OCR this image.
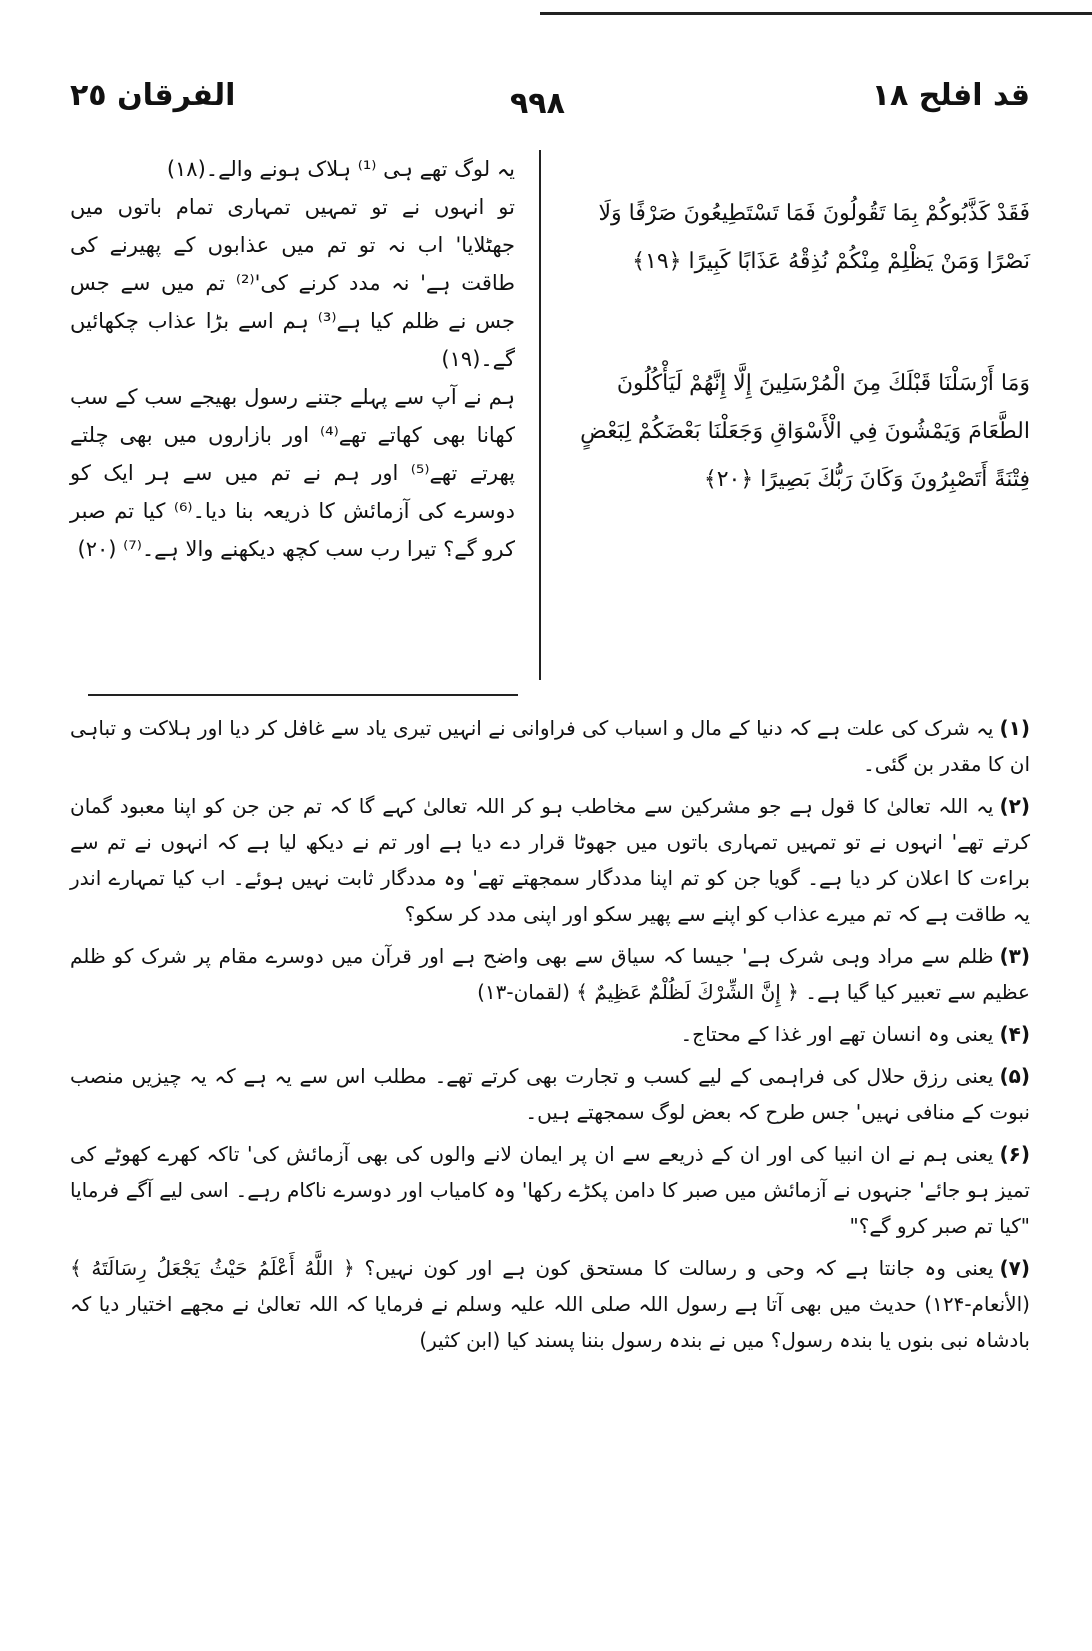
قد افلح ١٨
٩٩٨
الفرقان ٢٥

یہ لوگ تھے ہی ⁽¹⁾ ہلاک ہونے والے۔(۱۸)

تو انہوں نے تو تمہیں تمہاری تمام باتوں میں جھٹلایا' اب نہ تو تم میں عذابوں کے پھیرنے کی طاقت ہے' نہ مدد کرنے کی'⁽²⁾ تم میں سے جس جس نے ظلم کیا ہے⁽³⁾ ہم اسے بڑا عذاب چکھائیں گے۔(۱۹)

ہم نے آپ سے پہلے جتنے رسول بھیجے سب کے سب کھانا بھی کھاتے تھے⁽⁴⁾ اور بازاروں میں بھی چلتے پھرتے تھے⁽⁵⁾ اور ہم نے تم میں سے ہر ایک کو دوسرے کی آزمائش کا ذریعہ بنا دیا۔⁽⁶⁾ کیا تم صبر کرو گے؟ تیرا رب سب کچھ دیکھنے والا ہے۔⁽⁷⁾ (۲۰)

فَقَدْ كَذَّبُوكُمْ بِمَا تَقُولُونَ فَمَا تَسْتَطِيعُونَ صَرْفًا وَلَا نَصْرًا وَمَنْ يَظْلِمْ مِنْكُمْ نُذِقْهُ عَذَابًا كَبِيرًا ﴿١٩﴾
وَمَا أَرْسَلْنَا قَبْلَكَ مِنَ الْمُرْسَلِينَ إِلَّا إِنَّهُمْ لَيَأْكُلُونَ الطَّعَامَ وَيَمْشُونَ فِي الْأَسْوَاقِ وَجَعَلْنَا بَعْضَكُمْ لِبَعْضٍ فِتْنَةً أَتَصْبِرُونَ وَكَانَ رَبُّكَ بَصِيرًا ﴿٢٠﴾

(۱)یہ شرک کی علت ہے کہ دنیا کے مال و اسباب کی فراوانی نے انہیں تیری یاد سے غافل کر دیا اور ہلاکت و تباہی ان کا مقدر بن گئی۔

(۲)یہ اللہ تعالیٰ کا قول ہے جو مشرکین سے مخاطب ہو کر اللہ تعالیٰ کہے گا کہ تم جن جن کو اپنا معبود گمان کرتے تھے' انہوں نے تو تمہیں تمہاری باتوں میں جھوٹا قرار دے دیا ہے اور تم نے دیکھ لیا ہے کہ انہوں نے تم سے براءت کا اعلان کر دیا ہے۔ گویا جن کو تم اپنا مددگار سمجھتے تھے' وہ مددگار ثابت نہیں ہوئے۔ اب کیا تمہارے اندر یہ طاقت ہے کہ تم میرے عذاب کو اپنے سے پھیر سکو اور اپنی مدد کر سکو؟

(۳)ظلم سے مراد وہی شرک ہے' جیسا کہ سیاق سے بھی واضح ہے اور قرآن میں دوسرے مقام پر شرک کو ظلم عظیم سے تعبیر کیا گیا ہے۔ ﴿ إِنَّ الشِّرْكَ لَظُلْمٌ عَظِيمٌ ﴾ (لقمان-۱۳)

(۴)یعنی وہ انسان تھے اور غذا کے محتاج۔

(۵)یعنی رزق حلال کی فراہمی کے لیے کسب و تجارت بھی کرتے تھے۔ مطلب اس سے یہ ہے کہ یہ چیزیں منصب نبوت کے منافی نہیں' جس طرح کہ بعض لوگ سمجھتے ہیں۔

(۶)یعنی ہم نے ان انبیا کی اور ان کے ذریعے سے ان پر ایمان لانے والوں کی بھی آزمائش کی' تاکہ کھرے کھوٹے کی تمیز ہو جائے' جنہوں نے آزمائش میں صبر کا دامن پکڑے رکھا' وہ کامیاب اور دوسرے ناکام رہے۔ اسی لیے آگے فرمایا "کیا تم صبر کرو گے؟"

(۷)یعنی وہ جانتا ہے کہ وحی و رسالت کا مستحق کون ہے اور کون نہیں؟ ﴿ اللَّهُ أَعْلَمُ حَيْثُ يَجْعَلُ رِسَالَتَهُ ﴾ (الأنعام-۱۲۴) حدیث میں بھی آتا ہے رسول اللہ صلی اللہ علیہ وسلم نے فرمایا کہ اللہ تعالیٰ نے مجھے اختیار دیا کہ بادشاہ نبی بنوں یا بندہ رسول؟ میں نے بندہ رسول بننا پسند کیا (ابن کثیر)
